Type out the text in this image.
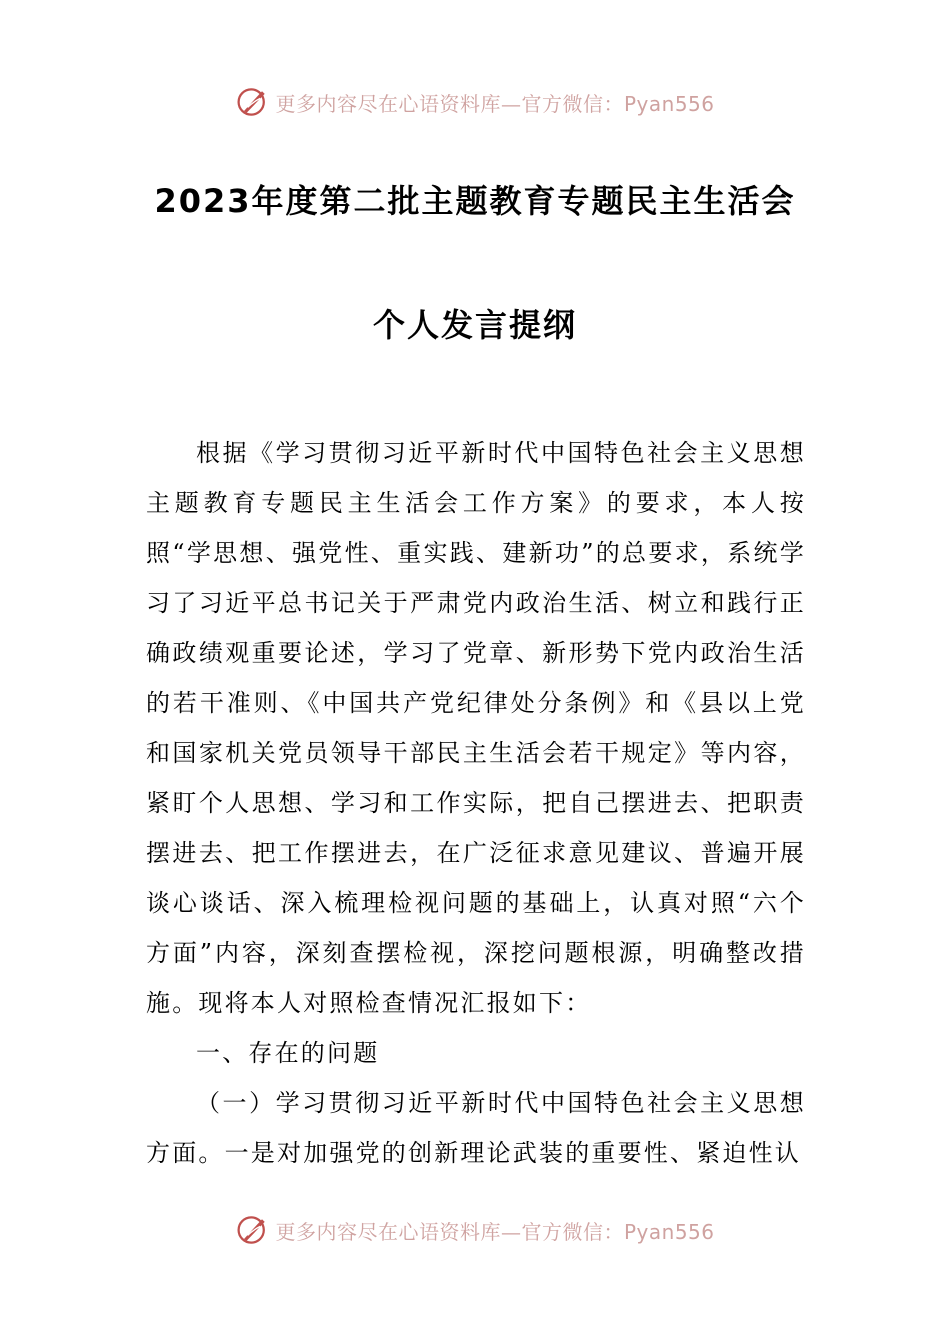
更多内容尽在心语资料库—官方微信：Pyan556
2023年度第二批主题教育专题民主生活会
个人发言提纲

根据《学习贯彻习近平新时代中国特色社会主义思想主题教育专题民主生活会工作方案》的要求，本人按照“学思想、强党性、重实践、建新功”的总要求，系统学习了习近平总书记关于严肃党内政治生活、树立和践行正确政绩观重要论述，学习了党章、新形势下党内政治生活的若干准则、《中国共产党纪律处分条例》和《县以上党和国家机关党员领导干部民主生活会若干规定》等内容，紧盯个人思想、学习和工作实际，把自己摆进去、把职责摆进去、把工作摆进去，在广泛征求意见建议、普遍开展谈心谈话、深入梳理检视问题的基础上，认真对照“六个方面”内容，深刻查摆检视，深挖问题根源，明确整改措施。现将本人对照检查情况汇报如下：

一、存在的问题

（一）学习贯彻习近平新时代中国特色社会主义思想方面。一是对加强党的创新理论武装的重要性、紧迫性认

更多内容尽在心语资料库—官方微信：Pyan556
